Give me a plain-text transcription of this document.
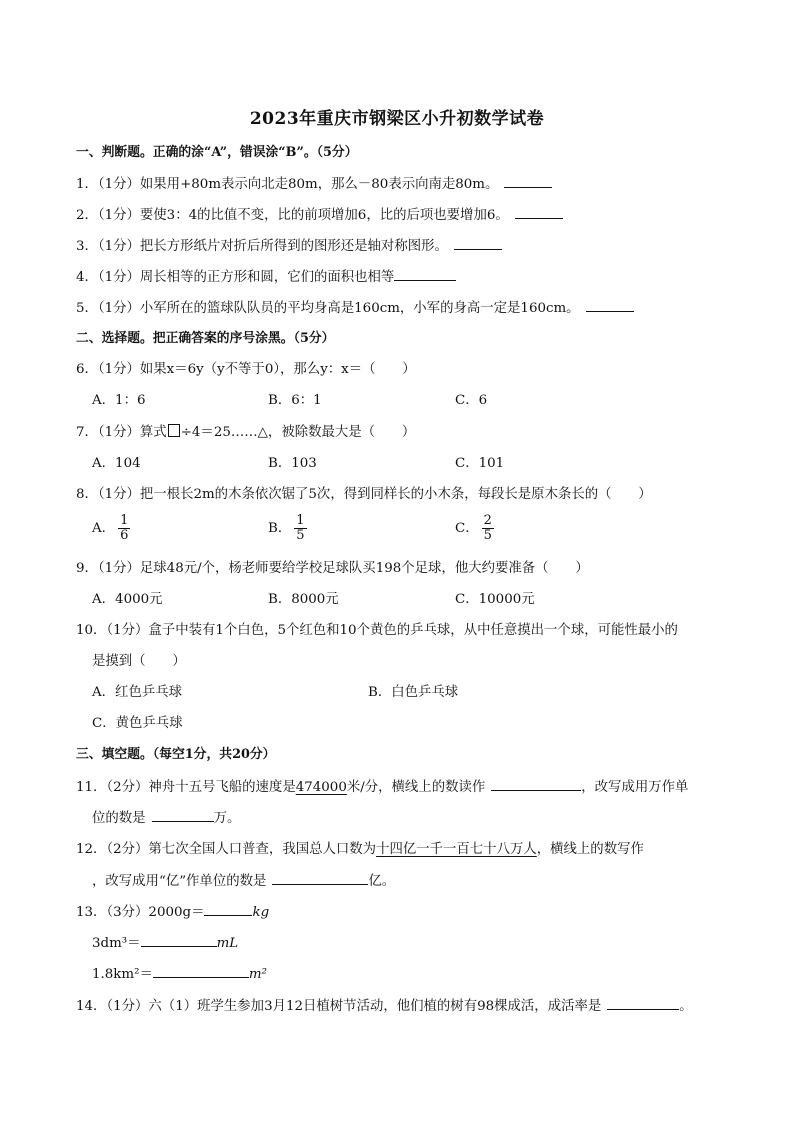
2023年重庆市钢梁区小升初数学试卷
一、判断题。正确的涂“A”，错误涂“B”。（5分）
1．（1分）如果用+80m表示向北走80m，那么－80表示向南走80m。
2．（1分）要使3：4的比值不变，比的前项增加6，比的后项也要增加6。
3．（1分）把长方形纸片对折后所得到的图形还是轴对称图形。
4．（1分）周长相等的正方形和圆，它们的面积也相等
5．（1分）小军所在的篮球队队员的平均身高是160cm，小军的身高一定是160cm。
二、选择题。把正确答案的序号涂黑。（5分）
6．（1分）如果x＝6y（y不等于0），那么y：x＝（　　）
A．1：6	B．6：1	C．6
7．（1分）算式 ÷4＝25……△，被除数最大是（　　）
A．104	B．103	C．101
8．（1分）把一根长2m的木条依次锯了5次，得到同样长的小木条，每段长是原木条长的（　　）
A． $\frac{1}{6}$	B． $\frac{1}{5}$	C． $\frac{2}{5}$
9．（1分）足球48元/个，杨老师要给学校足球队买198个足球，他大约要准备（　　）
A．4000元	B．8000元	C．10000元
10．（1分）盒子中装有1个白色，5个红色和10个黄色的乒乓球，从中任意摸出一个球，可能性最小的
是摸到（　　）
A．红色乒乓球	B．白色乒乓球
C．黄色乒乓球
三、填空题。（每空1分，共20分）
11．（2分）神舟十五号飞船的速度是474000米/分，横线上的数读作	，改写成用万作单
位的数是	万。
12．（2分）第七次全国人口普查，我国总人口数为十四亿一千一百七十八万人，横线上的数写作
，改写成用“亿”作单位的数是	亿。
13．（3分）2000g＝	kg
3dm³＝	mL
1.8km²＝	m²
14．（1分）六（1）班学生参加3月12日植树节活动，他们植的树有98棵成活，成活率是	。
